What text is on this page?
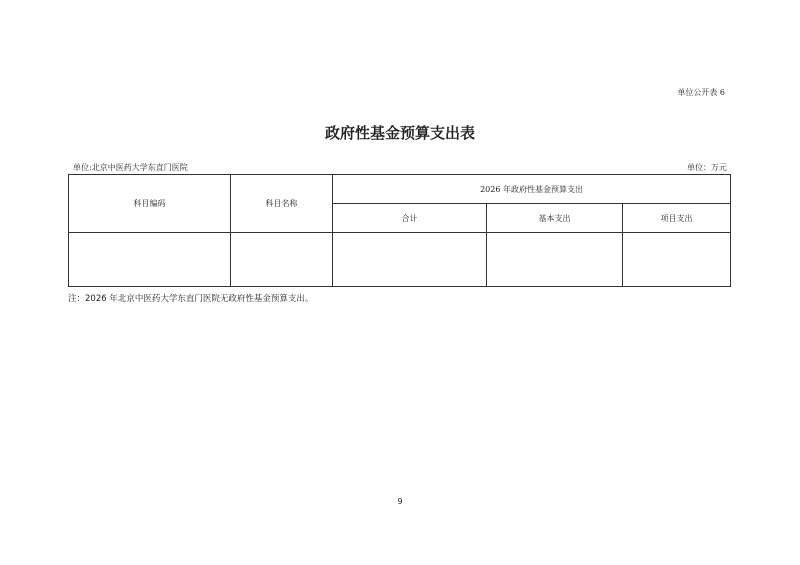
单位公开表 6
政府性基金预算支出表
单位:北京中医药大学东直门医院	单位：万元
科目编码	科目名称	2026 年政府性基金预算支出		
		合计	基本支出	项目支出

注：2026 年北京中医药大学东直门医院无政府性基金预算支出。
9
